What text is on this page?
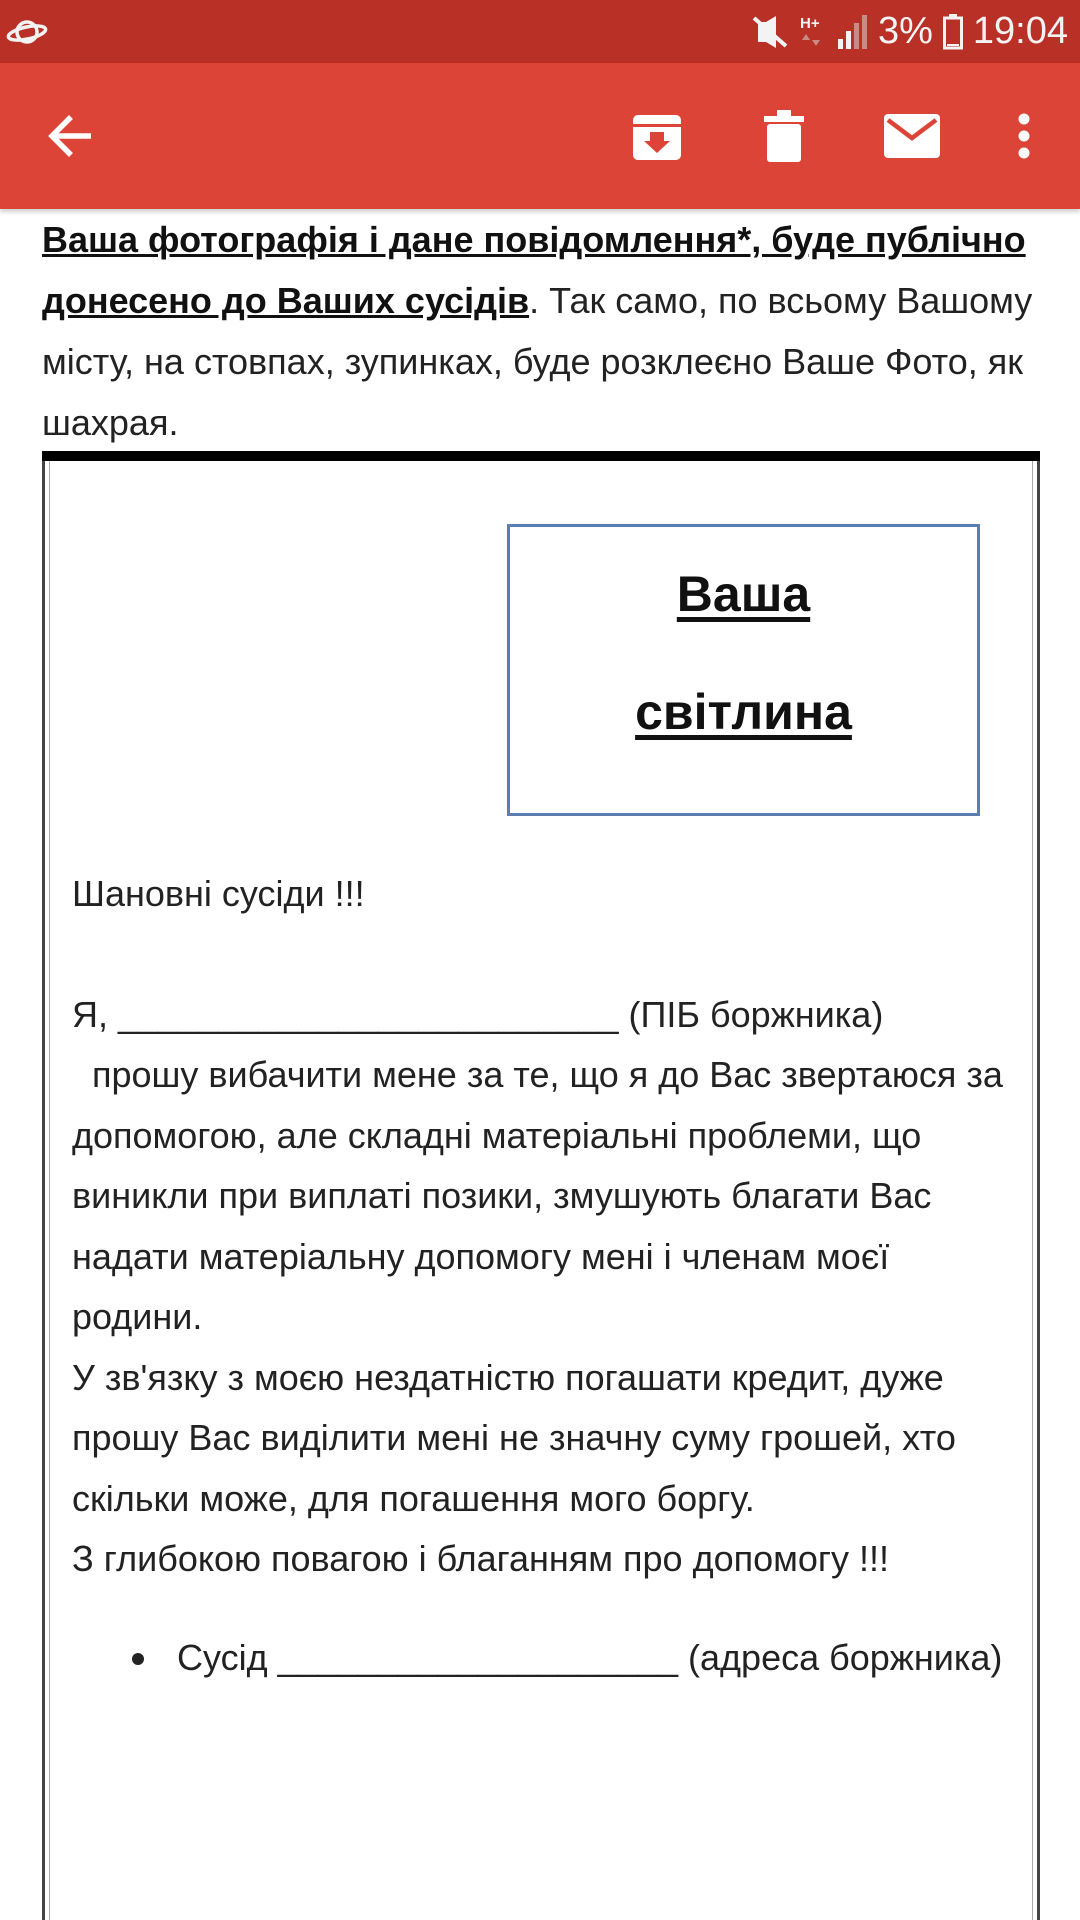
H+ 3% 19:04

Ваша фотографія і дане повідомлення*, буде публічно донесено до Ваших сусідів. Так само, по всьому Вашому місту, на стовпах, зупинках, буде розклеєно Ваше Фото, як шахрая.

Ваша
світлина

Шановні сусіди !!!

Я, _________________________ (ПІБ боржника)
прошу вибачити мене за те, що я до Вас звертаюся за допомогою, але складні матеріальні проблеми, що виникли при виплаті позики, змушують благати Вас надати матеріальну допомогу мені і членам моєї родини.
У зв'язку з моєю нездатністю погашати кредит, дуже прошу Вас виділити мені не значну суму грошей, хто скільки може, для погашення мого боргу.
З глибокою повагою і благанням про допомогу !!!

Сусід ____________________ (адреса боржника)
